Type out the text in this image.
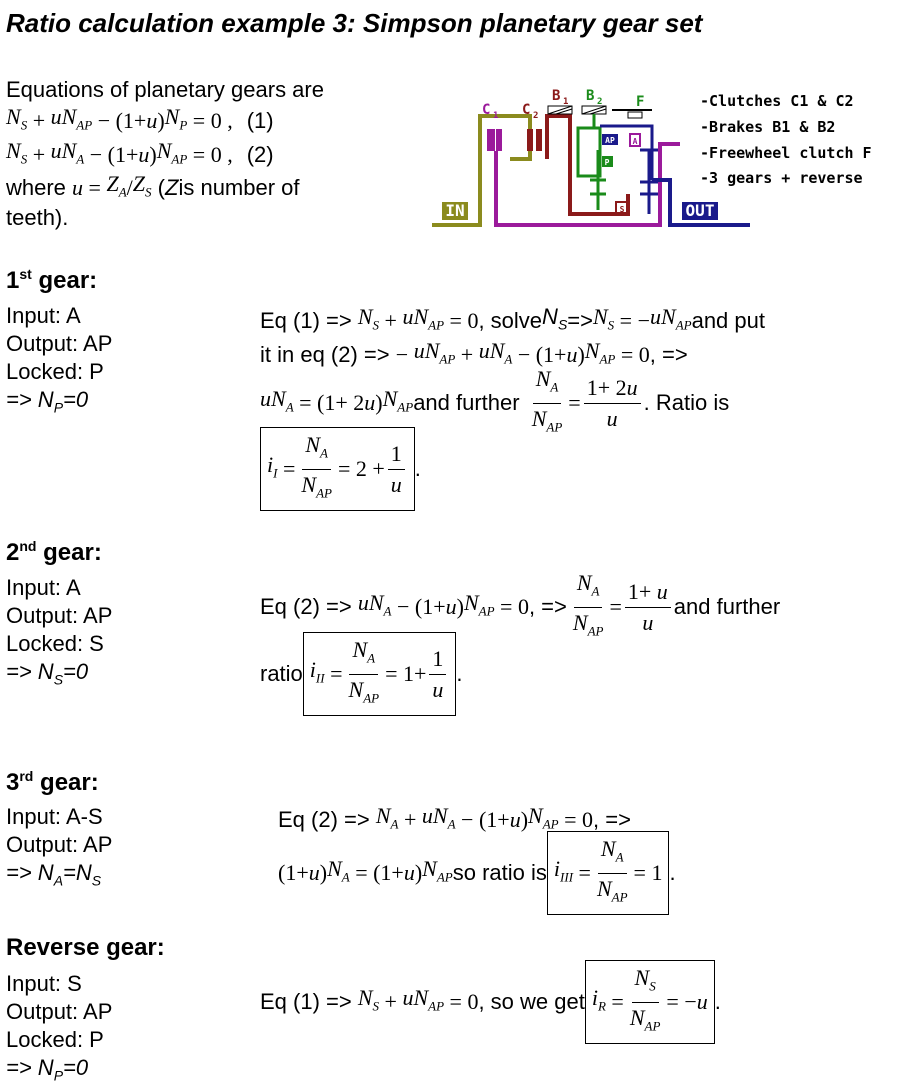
Ratio calculation example 3: Simpson planetary gear set
Equations of planetary gears are
$N_S + uN_{AP} - (1+ u$ ) $N_P = 0$ , (1)
$N_S + uN_A - (1+ u$ ) $N_{AP} = 0$ , (2)
where
$u = Z_A / Z_S$ ( Z is number of
teeth).	IN
C 1 C 2
B 1 B 2 F
AP
P
A
S	OUT
-Clutches C1 & C2
-Brakes B1 & B2
-Freewheel clutch F
-3 gears + reverse
1st gear:
Input: A
Output: AP
Locked: P
=> $N_P=0$
Eq (1) =>
$N_S + uN_{AP} = 0$ , solve $N_S => N_S$ = − $uN_{AP}$ and put
it in eq (2) =>
− $uN_{AP} + uN_A - (1+ u$ ) $N_{AP} = 0$ , =>
$uN_A = (1+ 2$ u ) $N_{AP}$ and further
$\frac{N_A}{N_{AP}} = \frac{1+ 2u}{u}$ . Ratio is
$i_I = \frac{N_A}{N_{AP}} = 2 + \frac{1}{u}$ .
2nd gear:
Input: A
Output: AP
Locked: S
=> $N_S=0$
Eq (2) =>
$uN_A - (1+ u$ ) $N_{AP} = 0$ , => $\frac{N_A}{N_{AP}} = \frac{1+ u}{u}$ and further
ratio $i_{II} = \frac{N_A}{N_{AP}} = 1+ \frac{1}{u}$ .
3rd gear:
Input: A-S
Output: AP
=> $N_A=N_S$
Eq (2) =>
$N_A + uN_A - (1+ u$ ) $N_{AP} = 0$ , =>
(1+ u ) $N_A = (1+ u$ ) $N_{AP}$ so ratio is $i_{III} = \frac{N_A}{N_{AP}} = 1$ .
Reverse gear:
Input: S
Output: AP
Locked: P
=> $N_P=0$
Eq (1) =>
$N_S + uN_{AP} = 0$ , so we get $i_R = \frac{N_S}{N_{AP}}$ = − u .
